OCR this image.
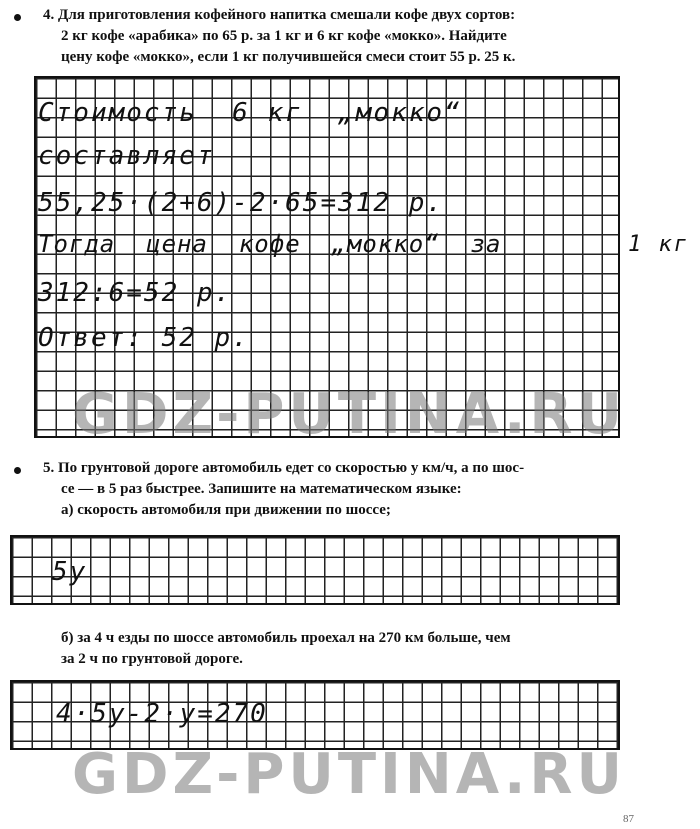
4. Для приготовления кофейного напитка смешали кофе двух сортов:
2 кг кофе «арабика» по 65 р. за 1 кг и 6 кг кофе «мокко». Найдите
цену кофе «мокко», если 1 кг получившейся смеси стоит 55 р. 25 к.
Стоимость  6 кг  „мокко“
составляет
55,25·(2+6)-2·65=312 р.
Тогда  цена  кофе  „мокко“  за	1 кг
312:6=52 р.
Ответ: 52 р.
GDZ-PUTINA.RU
5. По грунтовой дороге автомобиль едет со скоростью y км/ч, а по шос-
се — в 5 раз быстрее. Запишите на математическом языке:
а) скорость автомобиля при движении по шоссе;
5y
б) за 4 ч езды по шоссе автомобиль проехал на 270 км больше, чем
за 2 ч по грунтовой дороге.
4·5y-2·y=270
GDZ-PUTINA.RU
87
